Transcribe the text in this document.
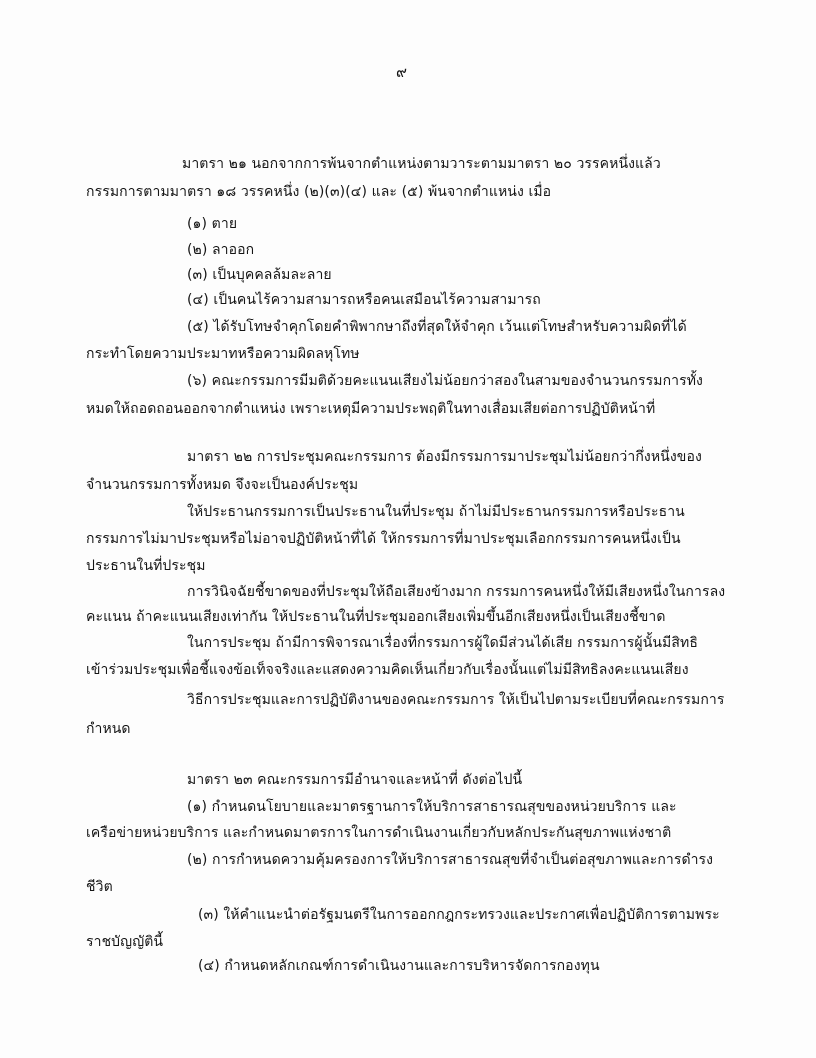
๙
มาตรา ๒๑ นอกจากการพ้นจากตำแหน่งตามวาระตามมาตรา ๒๐ วรรคหนึ่งแล้ว
กรรมการตามมาตรา ๑๘ วรรคหนึ่ง (๒)(๓)(๔) และ (๕) พ้นจากตำแหน่ง เมื่อ
(๑) ตาย
(๒) ลาออก
(๓) เป็นบุคคลล้มละลาย
(๔) เป็นคนไร้ความสามารถหรือคนเสมือนไร้ความสามารถ
(๕) ได้รับโทษจำคุกโดยคำพิพากษาถึงที่สุดให้จำคุก เว้นแต่โทษสำหรับความผิดที่ได้
กระทำโดยความประมาทหรือความผิดลหุโทษ
(๖) คณะกรรมการมีมติด้วยคะแนนเสียงไม่น้อยกว่าสองในสามของจำนวนกรรมการทั้ง
หมดให้ถอดถอนออกจากตำแหน่ง เพราะเหตุมีความประพฤติในทางเสื่อมเสียต่อการปฏิบัติหน้าที่
มาตรา ๒๒ การประชุมคณะกรรมการ ต้องมีกรรมการมาประชุมไม่น้อยกว่ากึ่งหนึ่งของ
จำนวนกรรมการทั้งหมด จึงจะเป็นองค์ประชุม
ให้ประธานกรรมการเป็นประธานในที่ประชุม ถ้าไม่มีประธานกรรมการหรือประธาน
กรรมการไม่มาประชุมหรือไม่อาจปฏิบัติหน้าที่ได้ ให้กรรมการที่มาประชุมเลือกกรรมการคนหนึ่งเป็น
ประธานในที่ประชุม
การวินิจฉัยชี้ขาดของที่ประชุมให้ถือเสียงข้างมาก กรรมการคนหนึ่งให้มีเสียงหนึ่งในการลง
คะแนน ถ้าคะแนนเสียงเท่ากัน ให้ประธานในที่ประชุมออกเสียงเพิ่มขึ้นอีกเสียงหนึ่งเป็นเสียงชี้ขาด
ในการประชุม ถ้ามีการพิจารณาเรื่องที่กรรมการผู้ใดมีส่วนได้เสีย กรรมการผู้นั้นมีสิทธิ
เข้าร่วมประชุมเพื่อชี้แจงข้อเท็จจริงและแสดงความคิดเห็นเกี่ยวกับเรื่องนั้นแต่ไม่มีสิทธิลงคะแนนเสียง
วิธีการประชุมและการปฏิบัติงานของคณะกรรมการ ให้เป็นไปตามระเบียบที่คณะกรรมการ
กำหนด
มาตรา ๒๓ คณะกรรมการมีอำนาจและหน้าที่ ดังต่อไปนี้
(๑) กำหนดนโยบายและมาตรฐานการให้บริการสาธารณสุขของหน่วยบริการ และ
เครือข่ายหน่วยบริการ และกำหนดมาตรการในการดำเนินงานเกี่ยวกับหลักประกันสุขภาพแห่งชาติ
(๒) การกำหนดความคุ้มครองการให้บริการสาธารณสุขที่จำเป็นต่อสุขภาพและการดำรง
ชีวิต
(๓) ให้คำแนะนำต่อรัฐมนตรีในการออกกฎกระทรวงและประกาศเพื่อปฏิบัติการตามพระ
ราชบัญญัตินี้
(๔) กำหนดหลักเกณฑ์การดำเนินงานและการบริหารจัดการกองทุน
